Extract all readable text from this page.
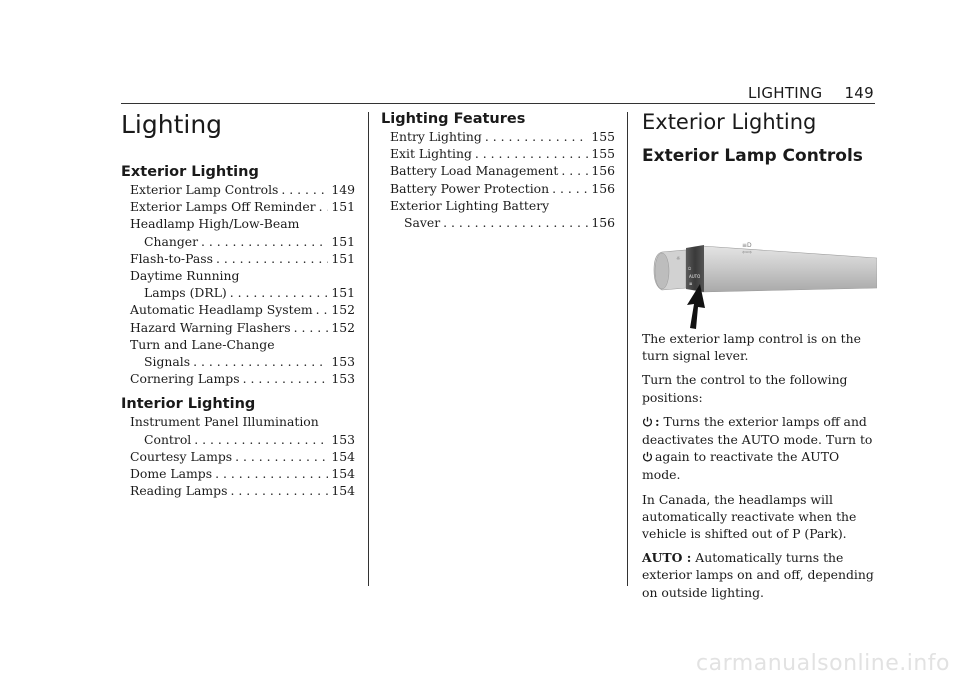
LIGHTING 149
Lighting
Exterior Lighting
Exterior Lamp Controls . . .	149
Exterior Lamps Off Reminder . . . 151
Headlamp High/Low-Beam
Changer . . .	151
Flash-to-Pass . . .	151
Daytime Running
Lamps (DRL) . . .	151
Automatic Headlamp System . . . 152
Hazard Warning Flashers . . .	152
Turn and Lane-Change
Signals . . .	153
Cornering Lamps . . .	153
Interior Lighting
Instrument Panel Illumination
Control . . .	153
Courtesy Lamps . . .	154
Dome Lamps . . .	154
Reading Lamps . . .	154
Lighting Features
Entry Lighting . . .	155
Exit Lighting . . .	155
Battery Load Management . . .	156
Battery Power Protection . . .	156
Exterior Lighting Battery
Saver . . .	156
Exterior Lighting
Exterior Lamp Controls
☼
⏻
AUTO
≣
≡D
⇦⇨

The exterior lamp control is on the turn signal lever.

Turn the control to the following positions:

: Turns the exterior lamps off and deactivates the AUTO mode. Turn to
again to reactivate the AUTO mode.

In Canada, the headlamps will automatically reactivate when the vehicle is shifted out of P (Park).

AUTO : Automatically turns the exterior lamps on and off, depending on outside lighting.

carmanualsonline.info
